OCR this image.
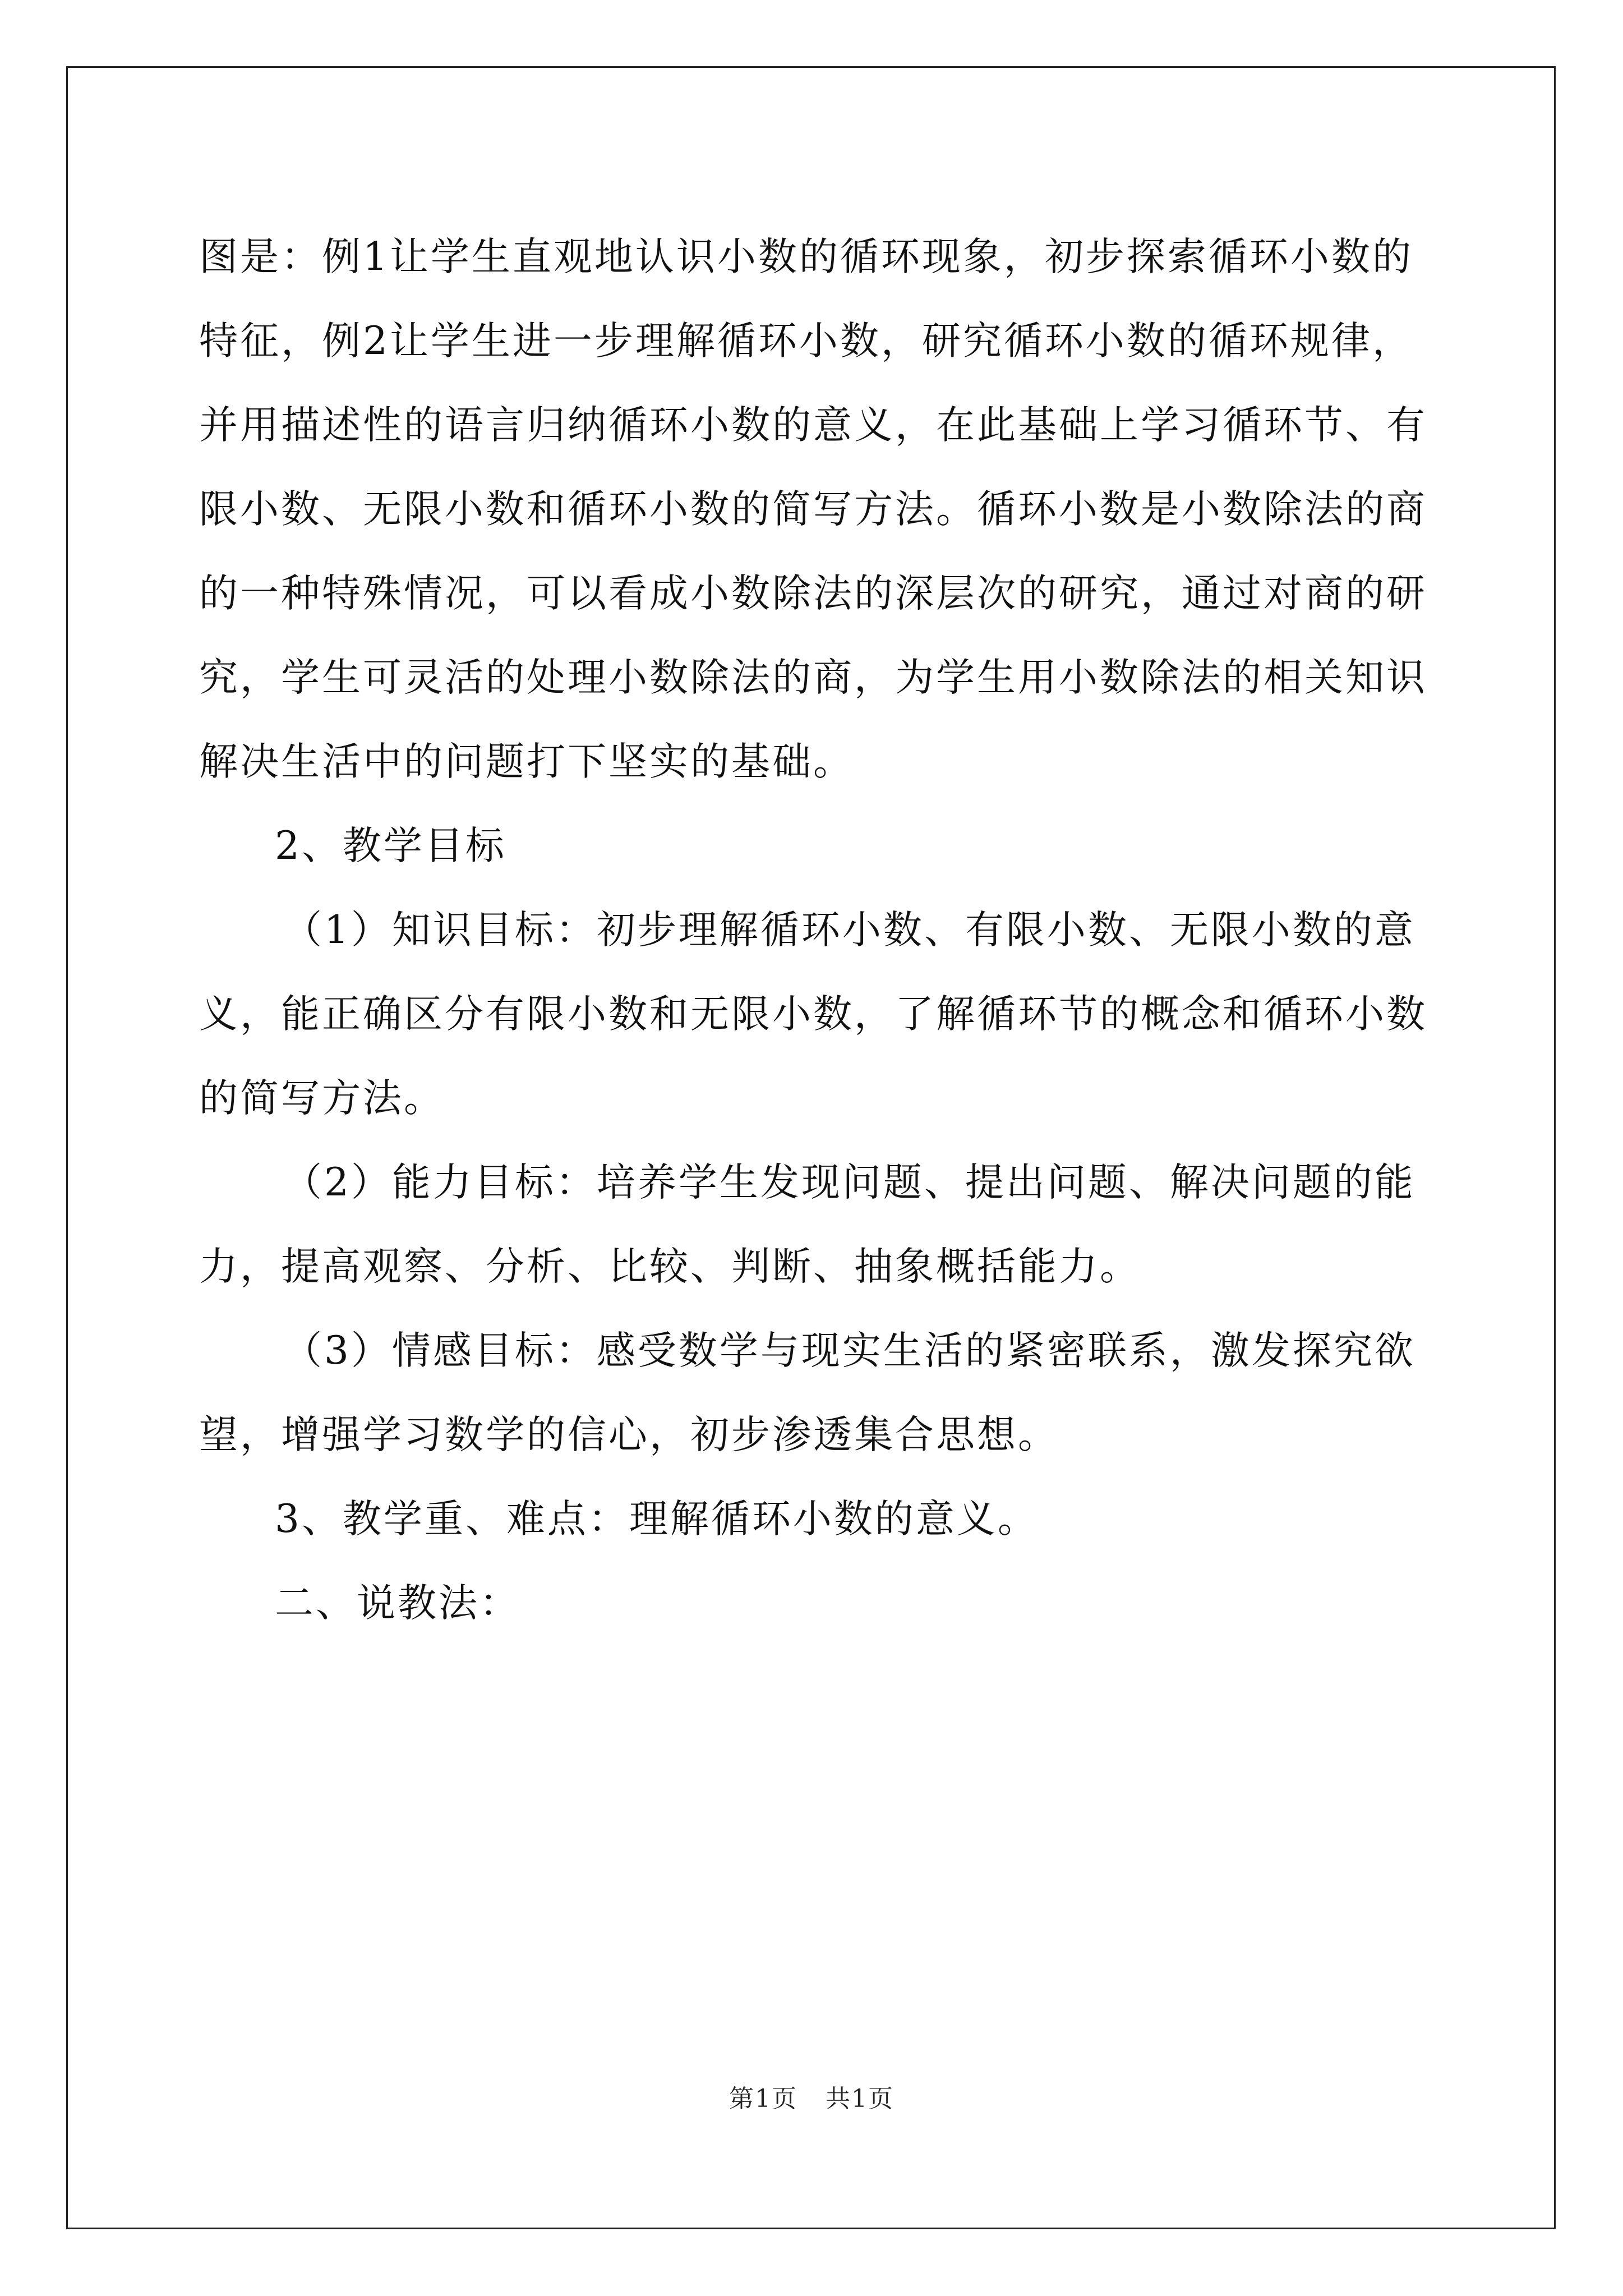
图是：例1让学生直观地认识小数的循环现象，初步探索循环小数的特征，例2让学生进一步理解循环小数，研究循环小数的循环规律，并用描述性的语言归纳循环小数的意义，在此基础上学习循环节、有限小数、无限小数和循环小数的简写方法。循环小数是小数除法的商的一种特殊情况，可以看成小数除法的深层次的研究，通过对商的研究，学生可灵活的处理小数除法的商，为学生用小数除法的相关知识解决生活中的问题打下坚实的基础。

2、教学目标

（1）知识目标：初步理解循环小数、有限小数、无限小数的意义，能正确区分有限小数和无限小数，了解循环节的概念和循环小数的简写方法。

（2）能力目标：培养学生发现问题、提出问题、解决问题的能力，提高观察、分析、比较、判断、抽象概括能力。

（3）情感目标：感受数学与现实生活的紧密联系，激发探究欲望，增强学习数学的信心，初步渗透集合思想。

3、教学重、难点：理解循环小数的意义。

二、说教法：

第1页 共1页
